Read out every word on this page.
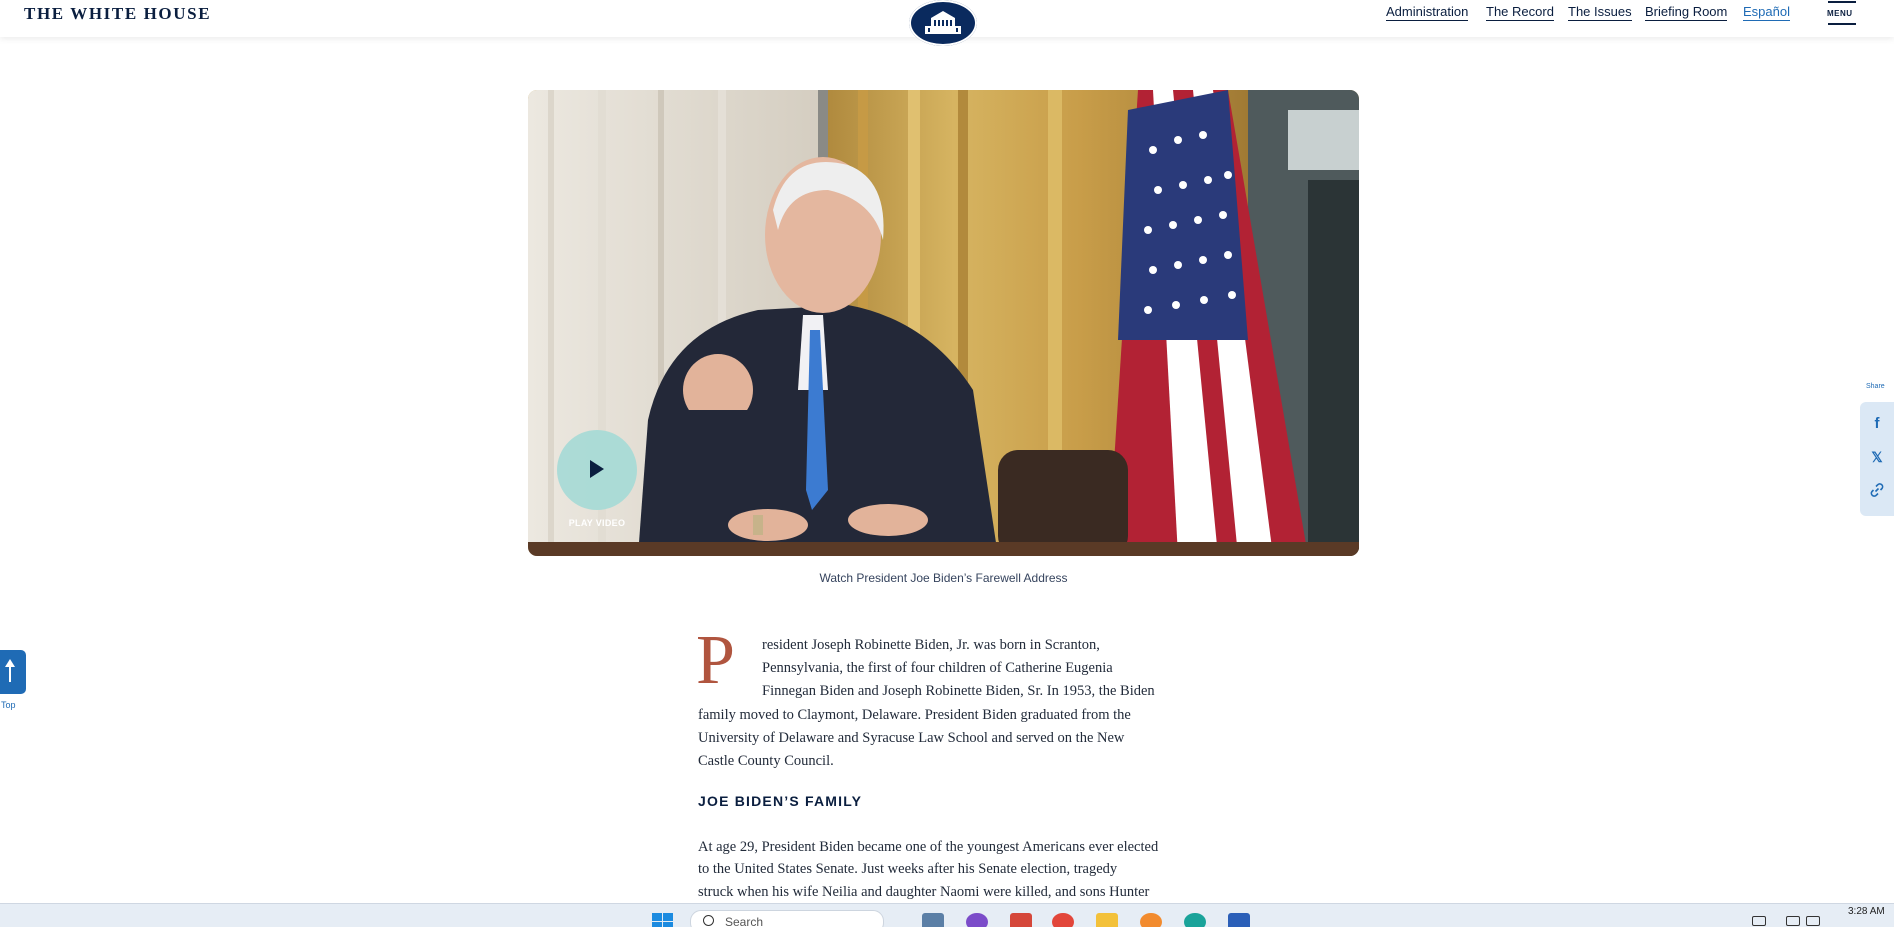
THE WHITE HOUSE	Administration The Record The Issues Briefing Room Español	MENU
PLAY VIDEO
Watch President Joe Biden’s Farewell Address
P resident Joseph Robinette Biden, Jr. was born in Scranton,
Pennsylvania, the first of four children of Catherine Eugenia
Finnegan Biden and Joseph Robinette Biden, Sr. In 1953, the Biden
family moved to Claymont, Delaware. President Biden graduated from the
University of Delaware and Syracuse Law School and served on the New
Castle County Council.
JOE BIDEN’S FAMILY
At age 29, President Biden became one of the youngest Americans ever elected
to the United States Senate. Just weeks after his Senate election, tragedy
struck when his wife Neilia and daughter Naomi were killed, and sons Hunter
Share
f
𝕏
Top
Search
3:28 AM
